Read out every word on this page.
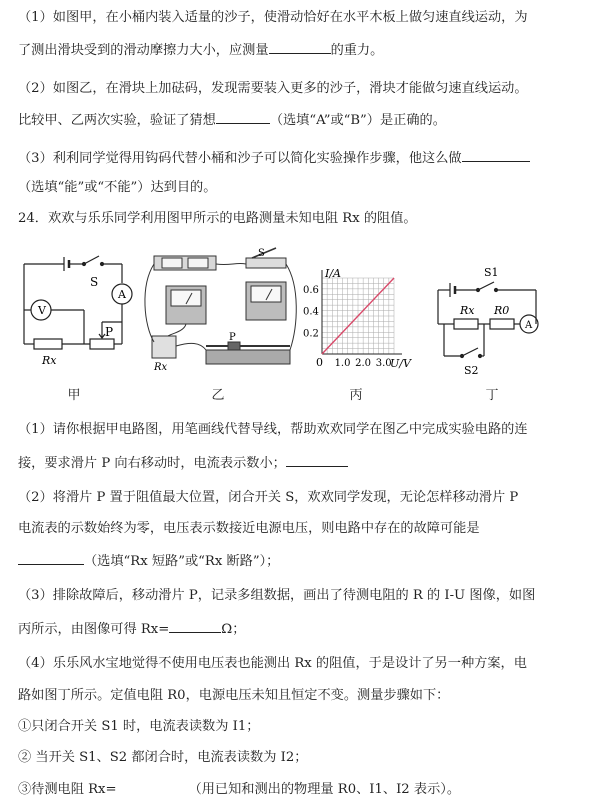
（1）如图甲，在小桶内装入适量的沙子，使滑动恰好在水平木板上做匀速直线运动，为
了测出滑块受到的滑动摩擦力大小，应测量	的重力。
（2）如图乙，在滑块上加砝码，发现需要装入更多的沙子，滑块才能做匀速直线运动。
比较甲、乙两次实验，验证了猜想	（选填“A”或“B”）是正确的。
（3）利利同学觉得用钩码代替小桶和沙子可以简化实验操作步骤，他这么做
（选填“能”或“不能”）达到目的。
24．欢欢与乐乐同学利用图甲所示的电路测量未知电阻 Rx 的阻值。
V
A
S
P
Rx
甲
S
P
Rx
乙
1.0 2.0 3.0
0.2
0.4
0.6
I/A
U/V
0
丙
S1
Rx R0
A
S2
丁
（1）请你根据甲电路图，用笔画线代替导线，帮助欢欢同学在图乙中完成实验电路的连
接，要求滑片 P 向右移动时，电流表示数小；
（2）将滑片 P 置于阻值最大位置，闭合开关 S，欢欢同学发现，无论怎样移动滑片 P
电流表的示数始终为零，电压表示数接近电源电压，则电路中存在的故障可能是
（选填“Rx 短路”或“Rx 断路”）；
（3）排除故障后，移动滑片 P，记录多组数据，画出了待测电阻的 R 的 I-U 图像，如图
丙所示，由图像可得 Rx=	Ω；
（4）乐乐风水宝地觉得不使用电压表也能测出 Rx 的阻值，于是设计了另一种方案，电
路如图丁所示。定值电阻 R0，电源电压未知且恒定不变。测量步骤如下：
①只闭合开关 S1 时，电流表读数为 I1；
② 当开关 S1、S2 都闭合时，电流表读数为 I2；
③待测电阻 Rx=	（用已知和测出的物理量 R0、I1、I2 表示）。
